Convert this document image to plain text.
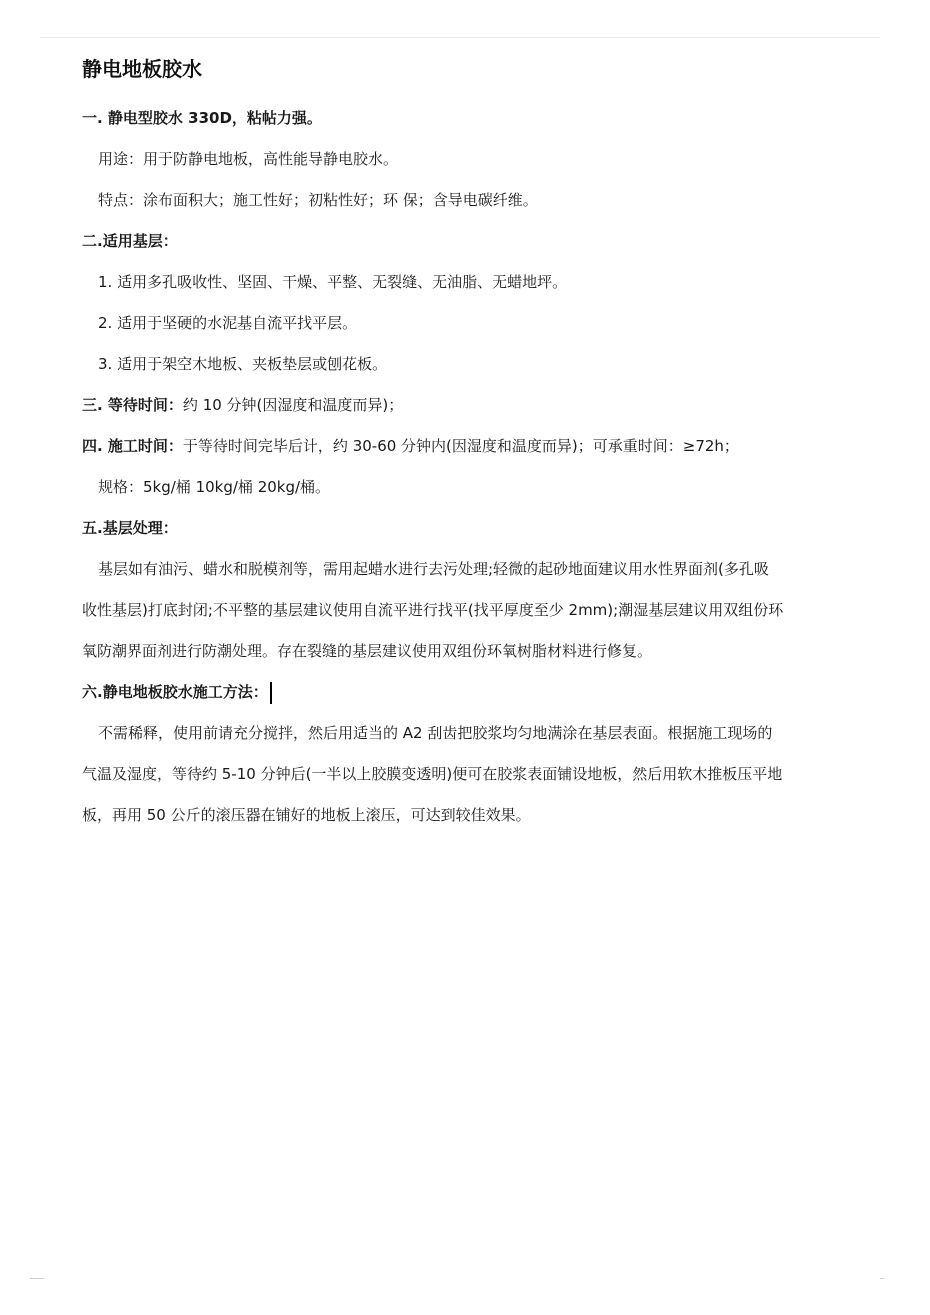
静电地板胶水
一. 静电型胶水 330D，粘帖力强。
用途：用于防静电地板，高性能导静电胶水。
特点：涂布面积大；施工性好；初粘性好；环 保；含导电碳纤维。
二.适用基层：
1. 适用多孔吸收性、坚固、干燥、平整、无裂缝、无油脂、无蜡地坪。
2. 适用于坚硬的水泥基自流平找平层。
3. 适用于架空木地板、夹板垫层或刨花板。
三. 等待时间：约 10 分钟(因湿度和温度而异)；
四. 施工时间：于等待时间完毕后计，约 30-60 分钟内(因湿度和温度而异)；可承重时间：≥72h；
规格：5kg/桶 10kg/桶 20kg/桶。
五.基层处理：
基层如有油污、蜡水和脱模剂等，需用起蜡水进行去污处理;轻微的起砂地面建议用水性界面剂(多孔吸
收性基层)打底封闭;不平整的基层建议使用自流平进行找平(找平厚度至少 2mm);潮湿基层建议用双组份环
氧防潮界面剂进行防潮处理。存在裂缝的基层建议使用双组份环氧树脂材料进行修复。
六.静电地板胶水施工方法：
不需稀释，使用前请充分搅拌，然后用适当的 A2 刮齿把胶浆均匀地满涂在基层表面。根据施工现场的
气温及湿度，等待约 5-10 分钟后(一半以上胶膜变透明)便可在胶浆表面铺设地板，然后用软木推板压平地
板，再用 50 公斤的滚压器在铺好的地板上滚压，可达到较佳效果。
